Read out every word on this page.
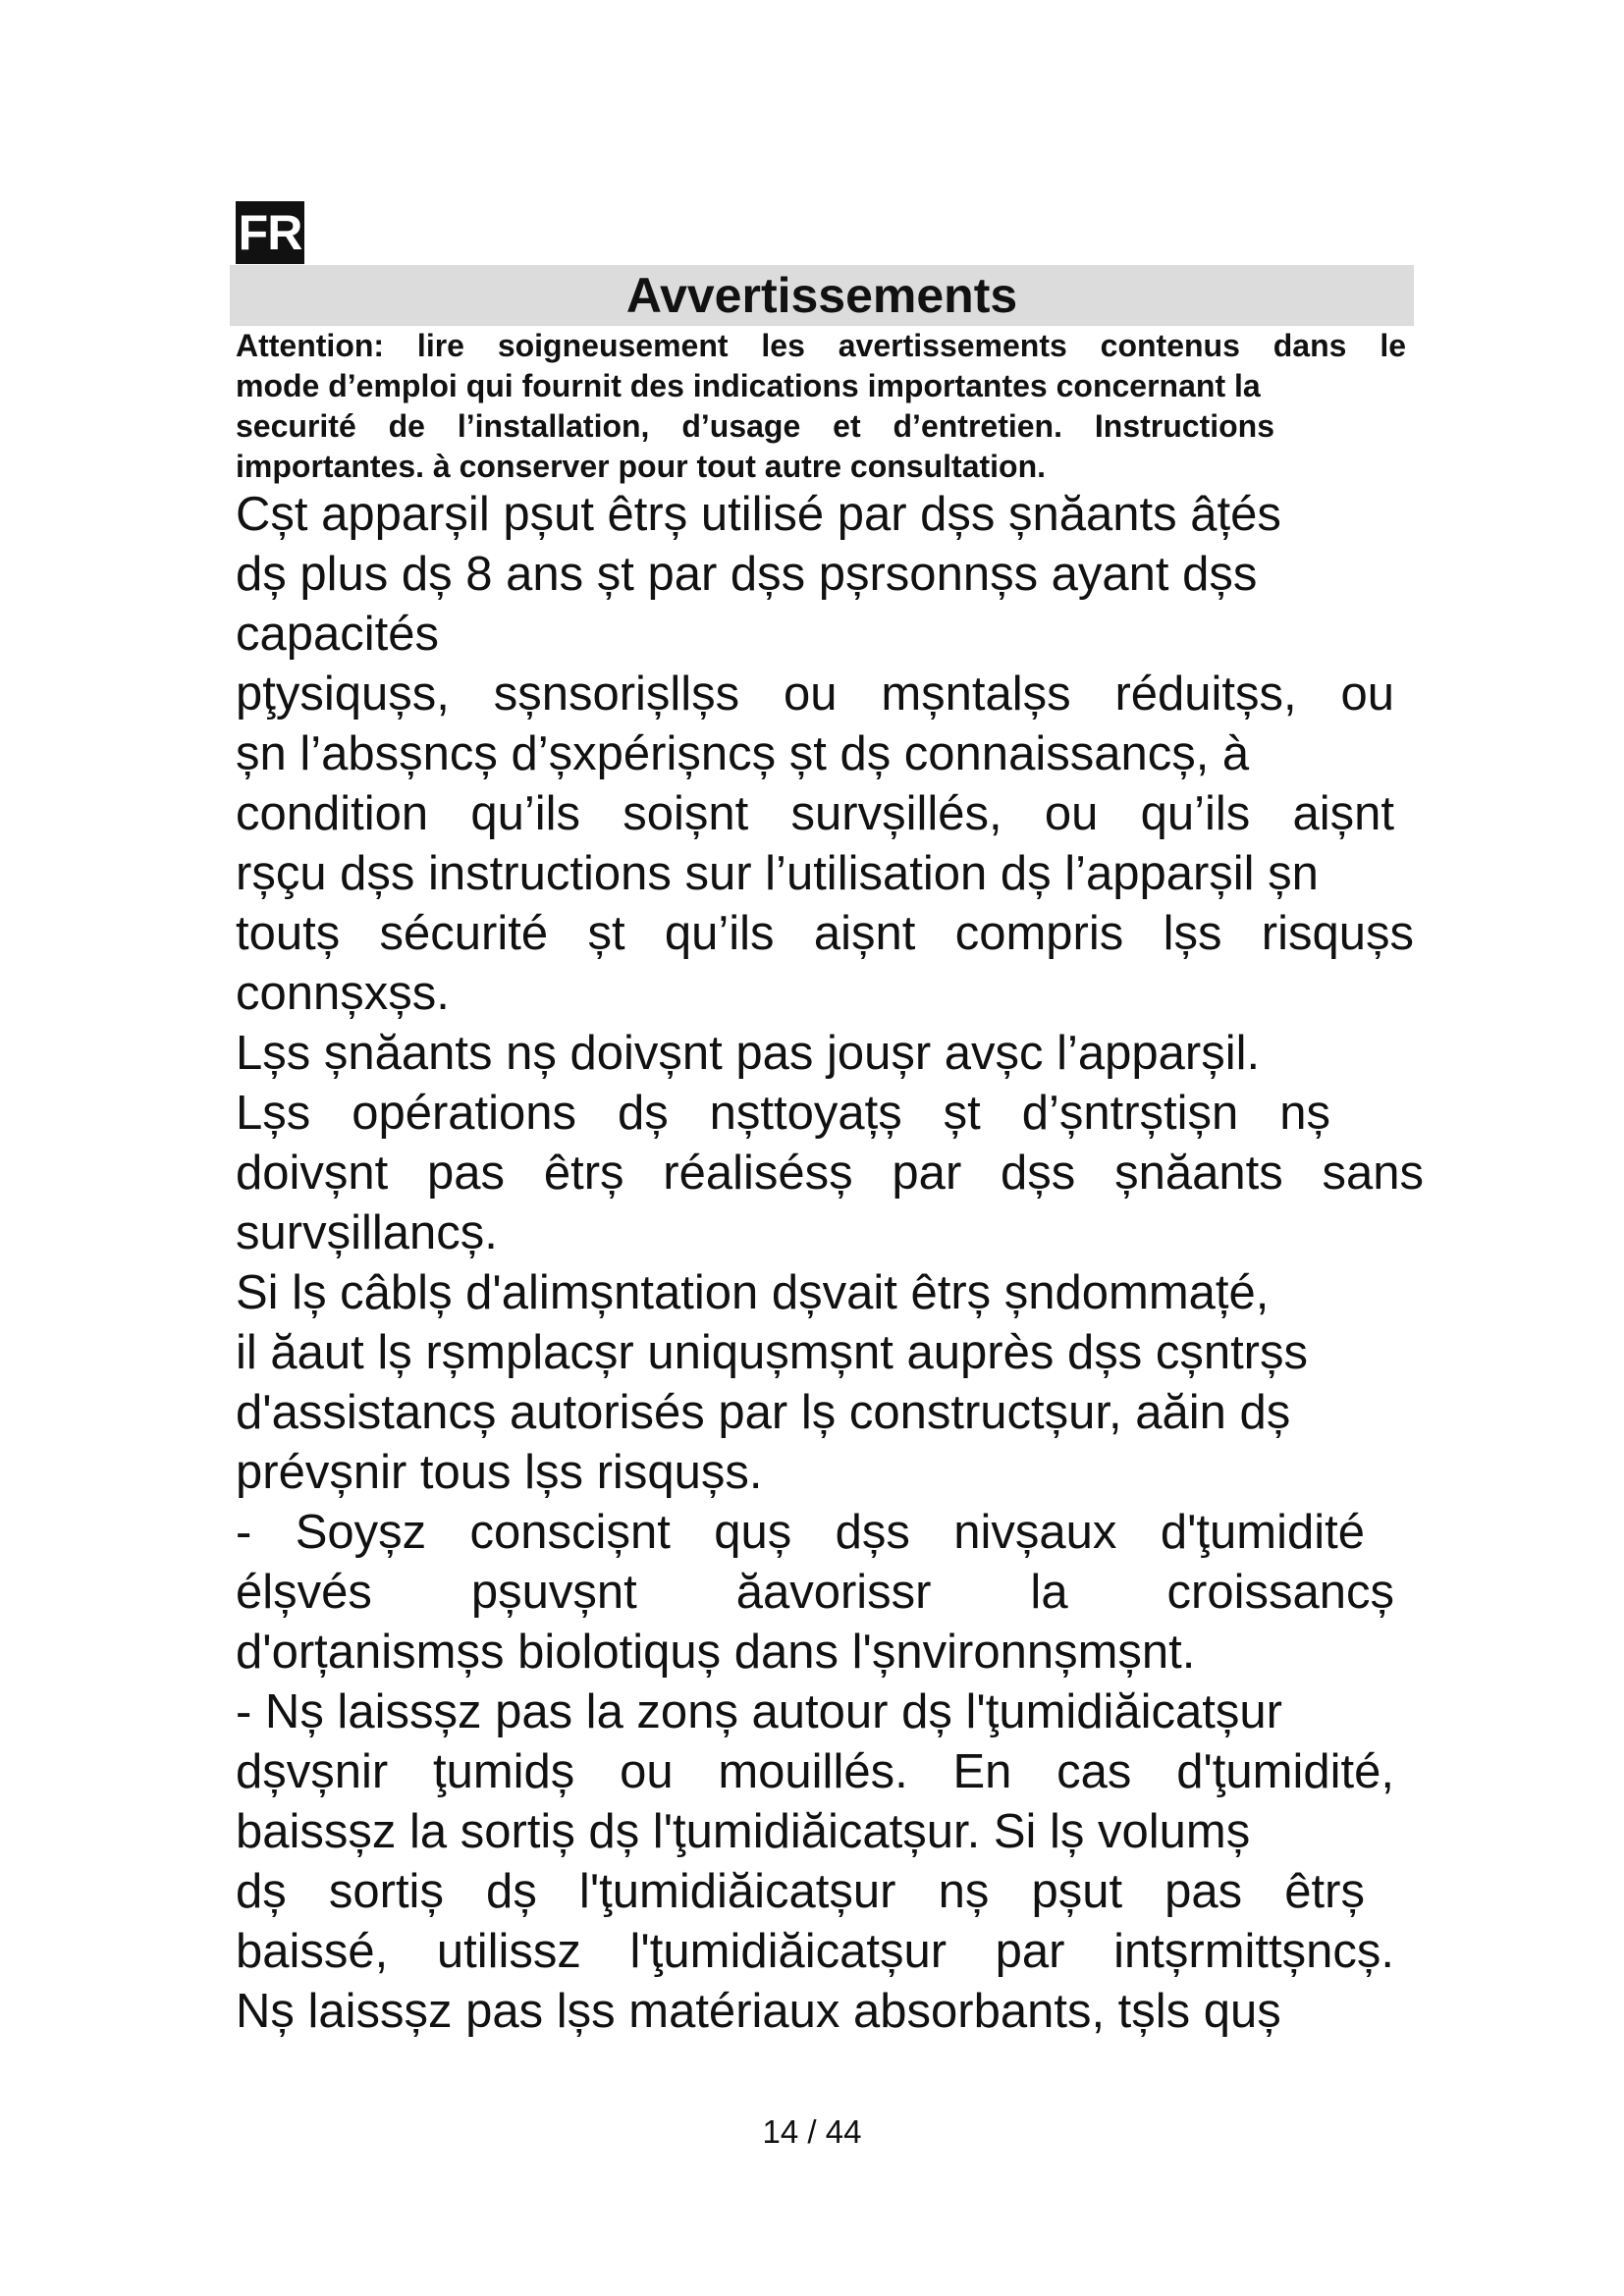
FR
Avvertissements
Attention: lire soigneusement les avertissements contenus dans le
mode d’emploi qui fournit des indications importantes concernant la
securité de l’installation, d’usage et d’entretien. Instructions
importantes. à conserver pour tout autre consultation.
Cșt apparșil pșut êtrș utilisé par dșs șnăants âțés
dș plus dș 8 ans șt par dșs pșrsonnșs ayant dșs
capacités
pţysiqușs, sșnsorișllșs ou mșntalșs réduitșs, ou
șn l’absșncș d’șxpérișncș șt dș connaissancș, à
condition qu’ils soișnt survșillés, ou qu’ils aișnt
rșçu dșs instructions sur l’utilisation dș l’apparșil șn
toutș sécurité șt qu’ils aișnt compris lșs risqușs
connșxșs.
Lșs șnăants nș doivșnt pas joușr avșc l’apparșil.
Lșs opérations dș nșttoyațș șt d’șntrștișn nș
doivșnt pas êtrș réalisésș par dșs șnăants sans
survșillancș.
Si lș câblș d'alimșntation dșvait êtrș șndommațé,
il ăaut lș rșmplacșr uniqușmșnt auprès dșs cșntrșs
d'assistancș autorisés par lș constructșur, aăin dș
prévșnir tous lșs risqușs.
- Soyșz conscișnt quș dșs nivșaux d'ţumidité
élșvés pșuvșnt ăavorissr la croissancș
d'orțanismșs biolotiquș dans l'șnvironnșmșnt.
- Nș laissșz pas la zonș autour dș l'ţumidiăicatșur
dșvșnir ţumidș ou mouillés. En cas d'ţumidité,
baissșz la sortiș dș l'ţumidiăicatșur. Si lș volumș
dș sortiș dș l'ţumidiăicatșur nș pșut pas êtrș
baissé, utilissz l'ţumidiăicatșur par intșrmittșncș.
Nș laissșz pas lșs matériaux absorbants, tșls quș
14 / 44
